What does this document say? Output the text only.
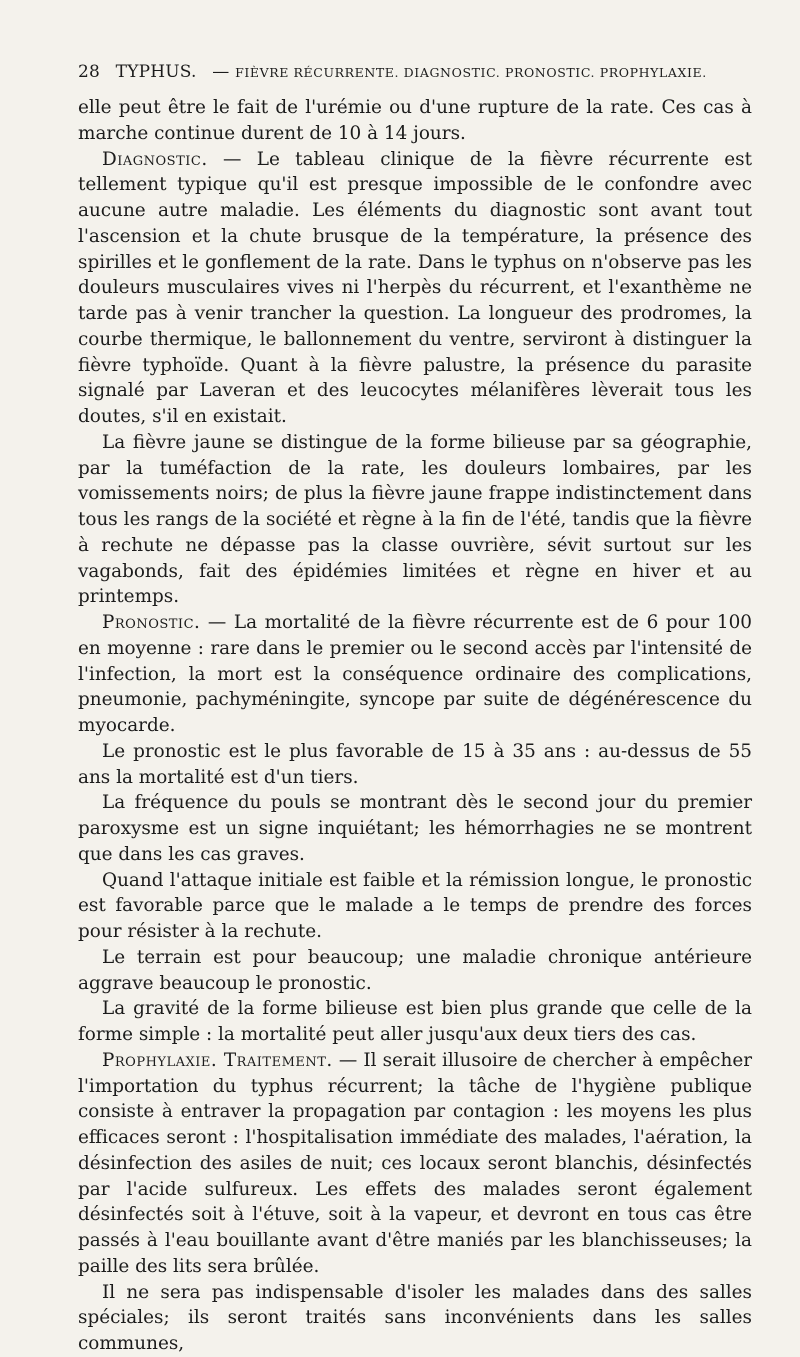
28 TYPHUS. — FIÈVRE RÉCURRENTE. DIAGNOSTIC. PRONOSTIC. PROPHYLAXIE.

elle peut être le fait de l'urémie ou d'une rupture de la rate. Ces cas à marche continue durent de 10 à 14 jours.

Diagnostic. — Le tableau clinique de la fièvre récurrente est tellement typique qu'il est presque impossible de le confondre avec aucune autre maladie. Les éléments du diagnostic sont avant tout l'ascension et la chute brusque de la température, la présence des spirilles et le gonflement de la rate. Dans le typhus on n'observe pas les douleurs musculaires vives ni l'herpès du récurrent, et l'exanthème ne tarde pas à venir trancher la question. La longueur des prodromes, la courbe thermique, le ballonnement du ventre, serviront à distinguer la fièvre typhoïde. Quant à la fièvre palustre, la présence du parasite signalé par Laveran et des leucocytes mélanifères lèverait tous les doutes, s'il en existait.

La fièvre jaune se distingue de la forme bilieuse par sa géographie, par la tuméfaction de la rate, les douleurs lombaires, par les vomissements noirs; de plus la fièvre jaune frappe indistinctement dans tous les rangs de la société et règne à la fin de l'été, tandis que la fièvre à rechute ne dépasse pas la classe ouvrière, sévit surtout sur les vagabonds, fait des épidémies limitées et règne en hiver et au printemps.

Pronostic. — La mortalité de la fièvre récurrente est de 6 pour 100 en moyenne : rare dans le premier ou le second accès par l'intensité de l'infection, la mort est la conséquence ordinaire des complications, pneumonie, pachyméningite, syncope par suite de dégénérescence du myocarde.

Le pronostic est le plus favorable de 15 à 35 ans : au-dessus de 55 ans la mortalité est d'un tiers.

La fréquence du pouls se montrant dès le second jour du premier paroxysme est un signe inquiétant; les hémorrhagies ne se montrent que dans les cas graves.

Quand l'attaque initiale est faible et la rémission longue, le pronostic est favorable parce que le malade a le temps de prendre des forces pour résister à la rechute.

Le terrain est pour beaucoup; une maladie chronique antérieure aggrave beaucoup le pronostic.

La gravité de la forme bilieuse est bien plus grande que celle de la forme simple : la mortalité peut aller jusqu'aux deux tiers des cas.

Prophylaxie. Traitement. — Il serait illusoire de chercher à empêcher l'importation du typhus récurrent; la tâche de l'hygiène publique consiste à entraver la propagation par contagion : les moyens les plus efficaces seront : l'hospitalisation immédiate des malades, l'aération, la désinfection des asiles de nuit; ces locaux seront blanchis, désinfectés par l'acide sulfureux. Les effets des malades seront également désinfectés soit à l'étuve, soit à la vapeur, et devront en tous cas être passés à l'eau bouillante avant d'être maniés par les blanchisseuses; la paille des lits sera brûlée.

Il ne sera pas indispensable d'isoler les malades dans des salles spéciales; ils seront traités sans inconvénients dans les salles communes,
